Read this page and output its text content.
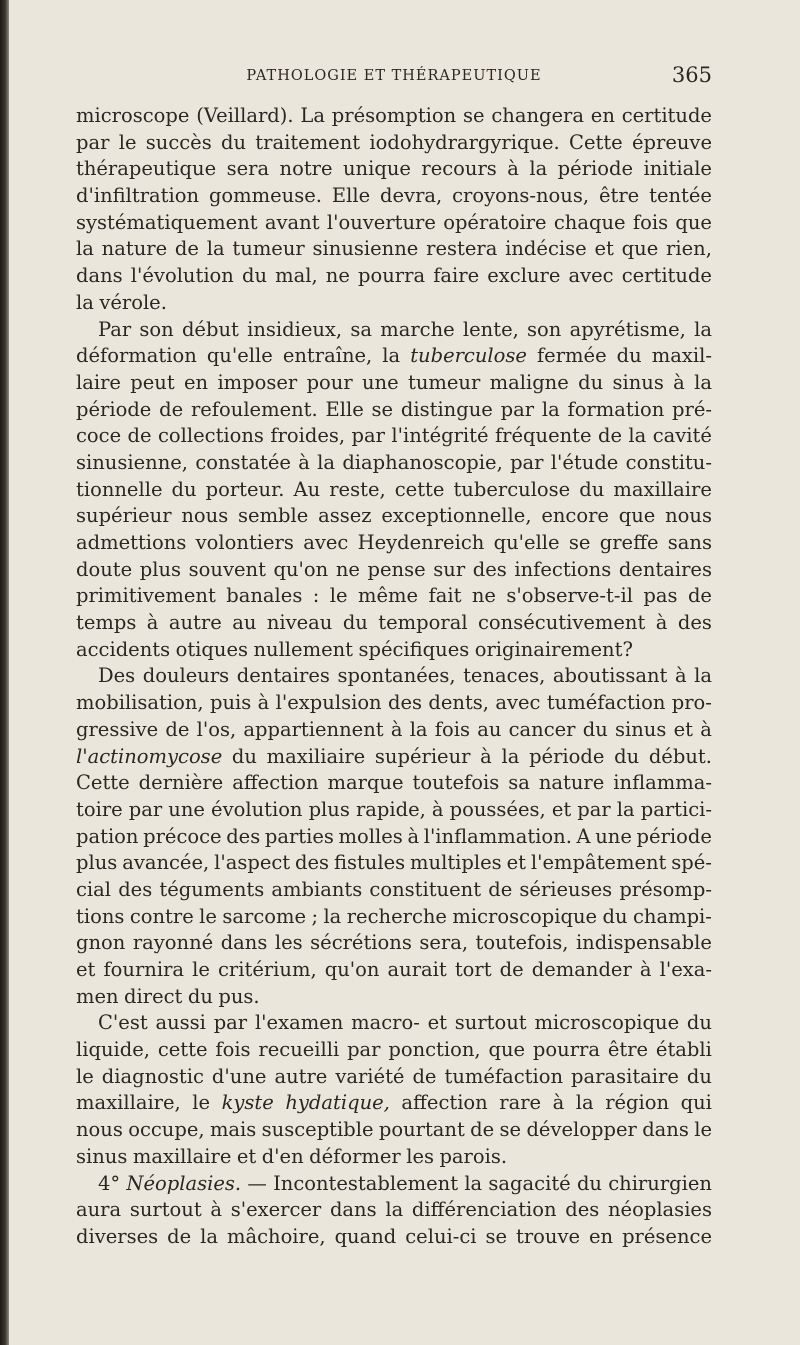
PATHOLOGIE ET THÉRAPEUTIQUE	365
microscope (Veillard). La présomption se changera en certitude
par le succès du traitement iodohydrargyrique. Cette épreuve
thérapeutique sera notre unique recours à la période initiale
d'infiltration gommeuse. Elle devra, croyons-nous, être tentée
systématiquement avant l'ouverture opératoire chaque fois que
la nature de la tumeur sinusienne restera indécise et que rien,
dans l'évolution du mal, ne pourra faire exclure avec certitude
la vérole.
Par son début insidieux, sa marche lente, son apyrétisme, la
déformation qu'elle entraîne, la tuberculose fermée du maxil-
laire peut en imposer pour une tumeur maligne du sinus à la
période de refoulement. Elle se distingue par la formation pré-
coce de collections froides, par l'intégrité fréquente de la cavité
sinusienne, constatée à la diaphanoscopie, par l'étude constitu-
tionnelle du porteur. Au reste, cette tuberculose du maxillaire
supérieur nous semble assez exceptionnelle, encore que nous
admettions volontiers avec Heydenreich qu'elle se greffe sans
doute plus souvent qu'on ne pense sur des infections dentaires
primitivement banales : le même fait ne s'observe-t-il pas de
temps à autre au niveau du temporal consécutivement à des
accidents otiques nullement spécifiques originairement?
Des douleurs dentaires spontanées, tenaces, aboutissant à la
mobilisation, puis à l'expulsion des dents, avec tuméfaction pro-
gressive de l'os, appartiennent à la fois au cancer du sinus et à
l'actinomycose du maxiliaire supérieur à la période du début.
Cette dernière affection marque toutefois sa nature inflamma-
toire par une évolution plus rapide, à poussées, et par la partici-
pation précoce des parties molles à l'inflammation. A une période
plus avancée, l'aspect des fistules multiples et l'empâtement spé-
cial des téguments ambiants constituent de sérieuses présomp-
tions contre le sarcome ; la recherche microscopique du champi-
gnon rayonné dans les sécrétions sera, toutefois, indispensable
et fournira le critérium, qu'on aurait tort de demander à l'exa-
men direct du pus.
C'est aussi par l'examen macro- et surtout microscopique du
liquide, cette fois recueilli par ponction, que pourra être établi
le diagnostic d'une autre variété de tuméfaction parasitaire du
maxillaire, le kyste hydatique, affection rare à la région qui
nous occupe, mais susceptible pourtant de se développer dans le
sinus maxillaire et d'en déformer les parois.
4° Néoplasies. — Incontestablement la sagacité du chirurgien
aura surtout à s'exercer dans la différenciation des néoplasies
diverses de la mâchoire, quand celui-ci se trouve en présence
